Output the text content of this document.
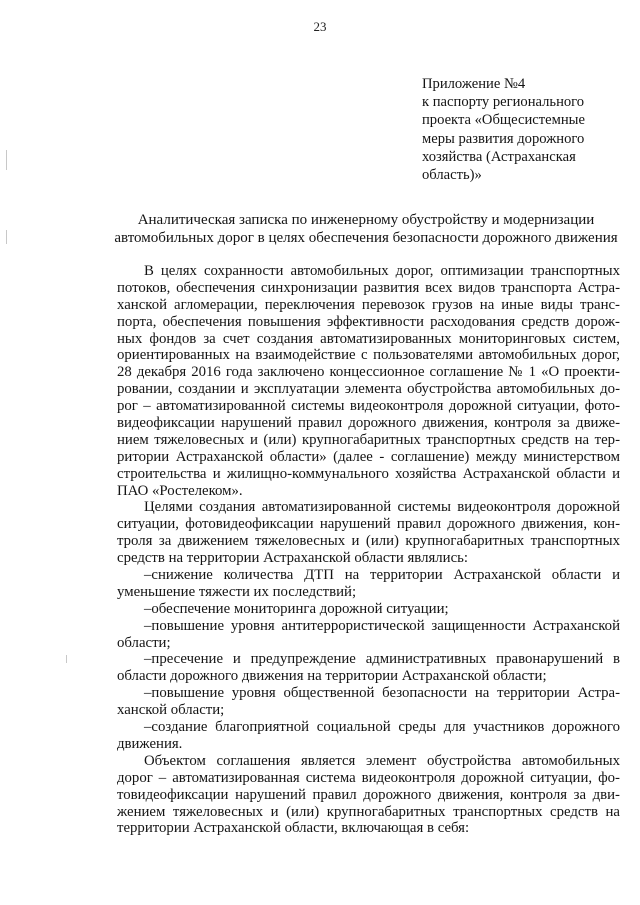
23
Приложение №4
к паспорту регионального
проекта «Общесистемные
меры развития дорожного
хозяйства (Астраханская
область)»
Аналитическая записка по инженерному обустройству и модернизации
автомобильных дорог в целях обеспечения безопасности дорожного движения
В целях сохранности автомобильных дорог, оптимизации транспортных
потоков, обеспечения синхронизации развития всех видов транспорта Астра-
ханской агломерации, переключения перевозок грузов на иные виды транс-
порта, обеспечения повышения эффективности расходования средств дорож-
ных фондов за счет создания автоматизированных мониторинговых систем,
ориентированных на взаимодействие с пользователями автомобильных дорог,
28 декабря 2016 года заключено концессионное соглашение № 1 «О проекти-
ровании, создании и эксплуатации элемента обустройства автомобильных до-
рог – автоматизированной системы видеоконтроля дорожной ситуации, фото-
видеофиксации нарушений правил дорожного движения, контроля за движе-
нием тяжеловесных и (или) крупногабаритных транспортных средств на тер-
ритории Астраханской области» (далее - соглашение) между министерством
строительства и жилищно-коммунального хозяйства Астраханской области и
ПАО «Ростелеком».
Целями создания автоматизированной системы видеоконтроля дорожной
ситуации, фотовидеофиксации нарушений правил дорожного движения, кон-
троля за движением тяжеловесных и (или) крупногабаритных транспортных
средств на территории Астраханской области являлись:
–снижение количества ДТП на территории Астраханской области и
уменьшение тяжести их последствий;
–обеспечение мониторинга дорожной ситуации;
–повышение уровня антитеррористической защищенности Астраханской
области;
–пресечение и предупреждение административных правонарушений в
области дорожного движения на территории Астраханской области;
–повышение уровня общественной безопасности на территории Астра-
ханской области;
–создание благоприятной социальной среды для участников дорожного
движения.
Объектом соглашения является элемент обустройства автомобильных
дорог – автоматизированная система видеоконтроля дорожной ситуации, фо-
товидеофиксации нарушений правил дорожного движения, контроля за дви-
жением тяжеловесных и (или) крупногабаритных транспортных средств на
территории Астраханской области, включающая в себя:
